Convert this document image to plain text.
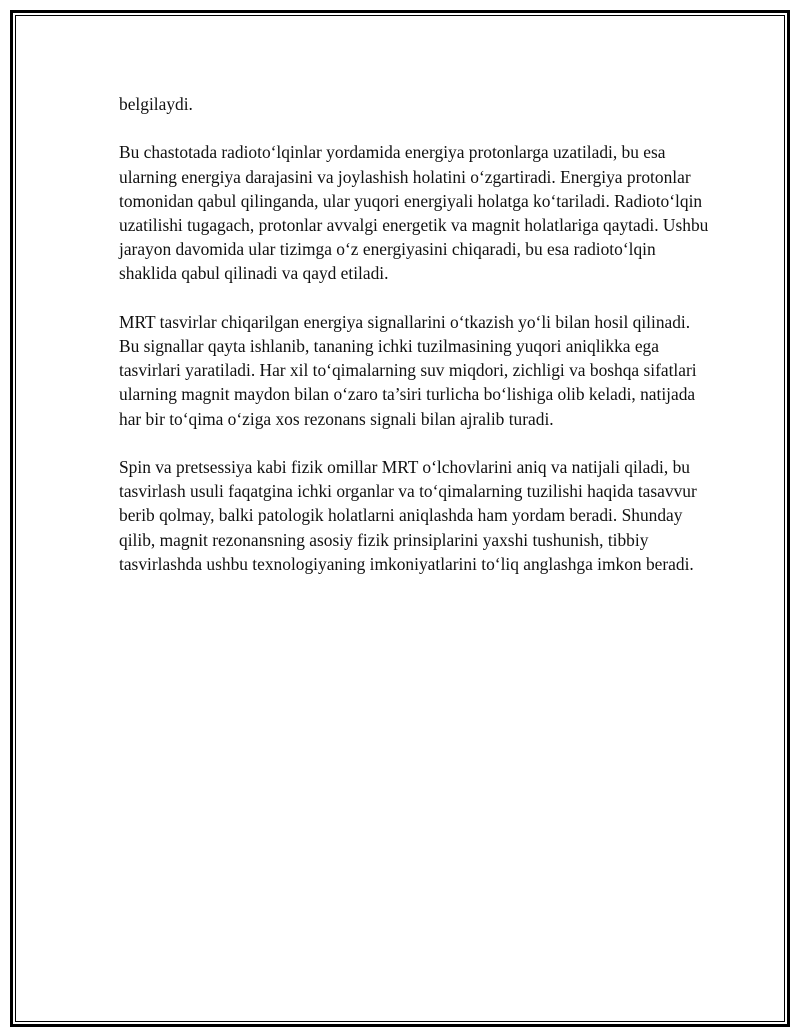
belgilaydi.

Bu chastotada radioto‘lqinlar yordamida energiya protonlarga uzatiladi, bu esa ularning energiya darajasini va joylashish holatini o‘zgartiradi. Energiya protonlar tomonidan qabul qilinganda, ular yuqori energiyali holatga ko‘tariladi. Radioto‘lqin uzatilishi tugagach, protonlar avvalgi energetik va magnit holatlariga qaytadi. Ushbu jarayon davomida ular tizimga o‘z energiyasini chiqaradi, bu esa radioto‘lqin shaklida qabul qilinadi va qayd etiladi.

MRT tasvirlar chiqarilgan energiya signallarini o‘tkazish yo‘li bilan hosil qilinadi. Bu signallar qayta ishlanib, tananing ichki tuzilmasining yuqori aniqlikka ega tasvirlari yaratiladi. Har xil to‘qimalarning suv miqdori, zichligi va boshqa sifatlari ularning magnit maydon bilan o‘zaro ta’siri turlicha bo‘lishiga olib keladi, natijada har bir to‘qima o‘ziga xos rezonans signali bilan ajralib turadi.

Spin va pretsessiya kabi fizik omillar MRT o‘lchovlarini aniq va natijali qiladi, bu tasvirlash usuli faqatgina ichki organlar va to‘qimalarning tuzilishi haqida tasavvur berib qolmay, balki patologik holatlarni aniqlashda ham yordam beradi. Shunday qilib, magnit rezonansning asosiy fizik prinsiplarini yaxshi tushunish, tibbiy tasvirlashda ushbu texnologiyaning imkoniyatlarini to‘liq anglashga imkon beradi.
